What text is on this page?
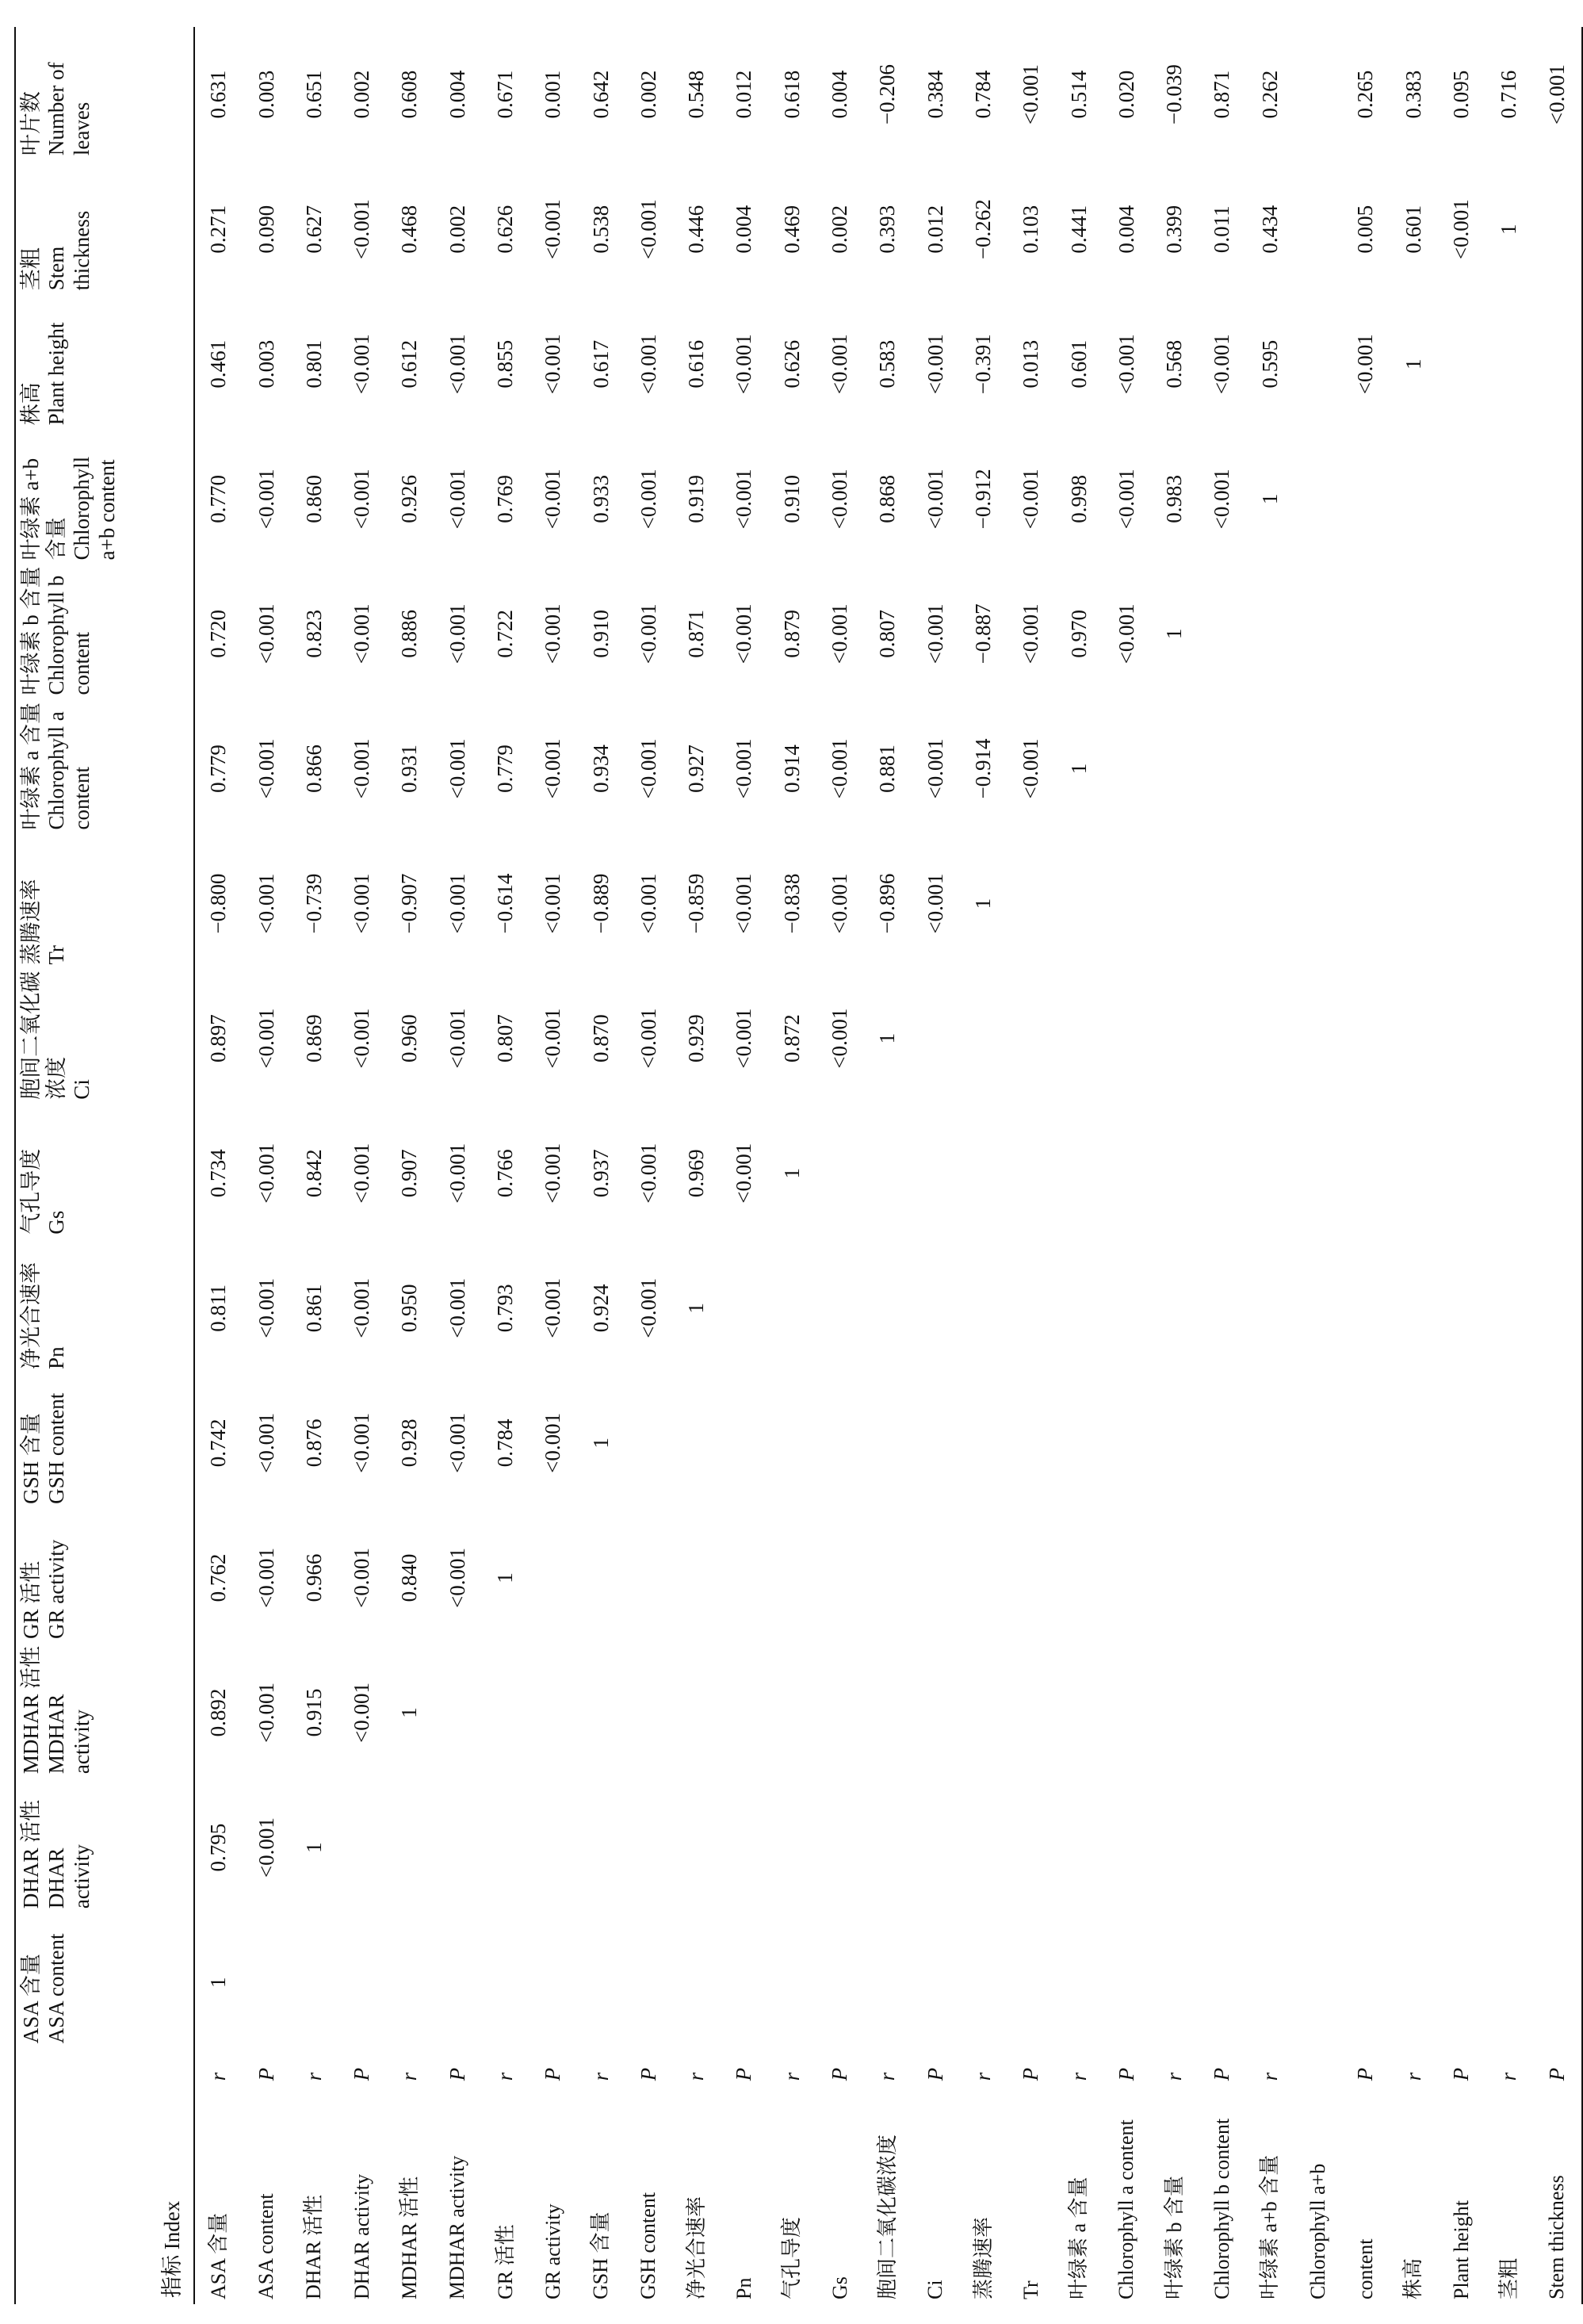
指标 Index		ASA 含量 ASA content	DHAR 活性 DHAR activity	MDHAR 活性 MDHAR activity	GR 活性 GR activity	GSH 含量 GSH content	净光合速率 Pn	气孔导度 Gs	胞间二氧化碳浓度 Ci	蒸腾速率 Tr	叶绿素 a 含量 Chlorophyll a content	叶绿素 b 含量 Chlorophyll b content	叶绿素 a+b 含量 Chlorophyll a+b content	株高 Plant height	茎粗 Stem thickness	叶片数 Number of leaves

ASA 含量	r	1	0.795	0.892	0.762	0.742	0.811	0.734	0.897	−0.800	0.779	0.720	0.770	0.461	0.271	0.631
ASA content	P		<0.001	<0.001	<0.001	<0.001	<0.001	<0.001	<0.001	<0.001	<0.001	<0.001	<0.001	0.003	0.090	0.003
DHAR 活性	r		1	0.915	0.966	0.876	0.861	0.842	0.869	−0.739	0.866	0.823	0.860	0.801	0.627	0.651
DHAR activity	P			<0.001	<0.001	<0.001	<0.001	<0.001	<0.001	<0.001	<0.001	<0.001	<0.001	<0.001	<0.001	0.002
MDHAR 活性	r			1	0.840	0.928	0.950	0.907	0.960	−0.907	0.931	0.886	0.926	0.612	0.468	0.608
MDHAR activity	P				<0.001	<0.001	<0.001	<0.001	<0.001	<0.001	<0.001	<0.001	<0.001	<0.001	0.002	0.004
GR 活性	r				1	0.784	0.793	0.766	0.807	−0.614	0.779	0.722	0.769	0.855	0.626	0.671
GR activity	P					<0.001	<0.001	<0.001	<0.001	<0.001	<0.001	<0.001	<0.001	<0.001	<0.001	0.001
GSH 含量	r					1	0.924	0.937	0.870	−0.889	0.934	0.910	0.933	0.617	0.538	0.642
GSH content	P						<0.001	<0.001	<0.001	<0.001	<0.001	<0.001	<0.001	<0.001	<0.001	0.002
净光合速率	r						1	0.969	0.929	−0.859	0.927	0.871	0.919	0.616	0.446	0.548
Pn	P							<0.001	<0.001	<0.001	<0.001	<0.001	<0.001	<0.001	0.004	0.012
气孔导度	r							1	0.872	−0.838	0.914	0.879	0.910	0.626	0.469	0.618
Gs	P								<0.001	<0.001	<0.001	<0.001	<0.001	<0.001	0.002	0.004
胞间二氧化碳浓度	r								1	−0.896	0.881	0.807	0.868	0.583	0.393	−0.206
Ci	P									<0.001	<0.001	<0.001	<0.001	<0.001	0.012	0.384
蒸腾速率	r									1	−0.914	−0.887	−0.912	−0.391	−0.262	0.784
Tr	P										<0.001	<0.001	<0.001	0.013	0.103	<0.001
叶绿素 a 含量	r										1	0.970	0.998	0.601	0.441	0.514
Chlorophyll a content	P											<0.001	<0.001	<0.001	0.004	0.020
叶绿素 b 含量	r											1	0.983	0.568	0.399	−0.039
Chlorophyll b content	P												<0.001	<0.001	0.011	0.871
叶绿素 a+b 含量	r												1	0.595	0.434	0.262
Chlorophyll a+b																
content	P													<0.001	0.005	0.265
株高	r													1	0.601	0.383
Plant height	P														<0.001	0.095
茎粗	r														1	0.716
Stem thickness	P															<0.001
